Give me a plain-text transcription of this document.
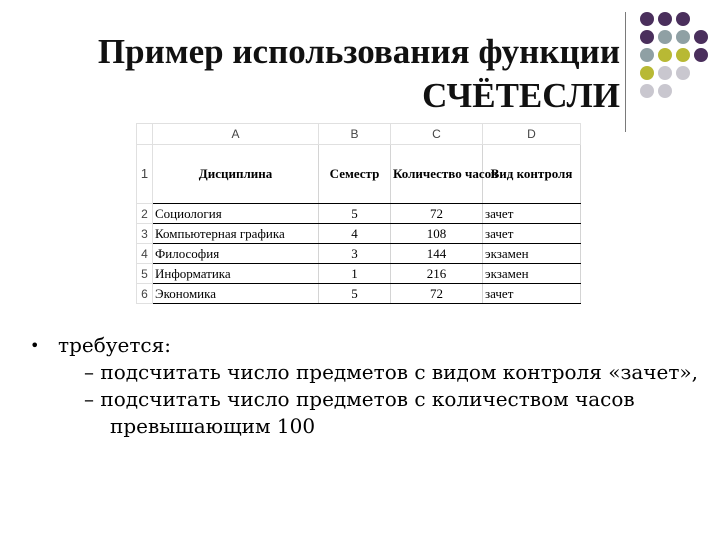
Пример использования функции
СЧЁТЕСЛИ
	A	B	C	D
1	Дисциплина	Семестр	Количество часов	Вид контроля
2	Социология	5	72	зачет
3	Компьютерная графика	4	108	зачет
4	Философия	3	144	экзамен
5	Информатика	1	216	экзамен
6	Экономика	5	72	зачет
• требуется:
– подсчитать число предметов с видом контроля «зачет»,
– подсчитать число предметов с количеством часов превышающим 100
